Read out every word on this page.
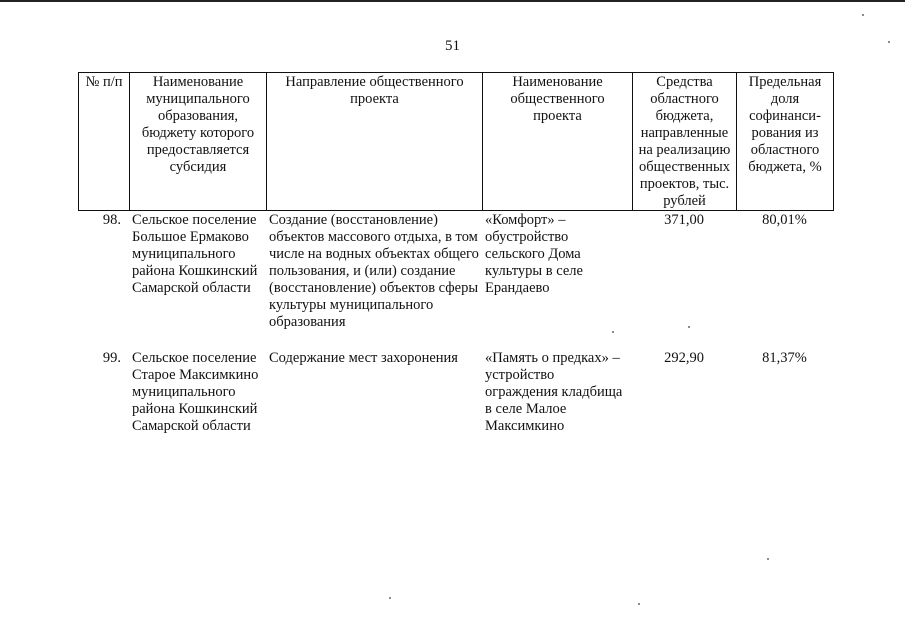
51
№ п/п	Наименование муниципального образования, бюджету которого предоставляется субсидия	Направление общественного проекта	Наименование общественного проекта	Средства областного бюджета, направленные на реализацию общественных проектов, тыс. рублей	Предельная доля софинанси-рования из областного бюджета, %
98.	Сельское поселение Большое Ермаково муниципального района Кошкинский Самарской области	Создание (восстановление) объектов массового отдыха, в том числе на водных объектах общего пользования, и (или) создание (восстановление) объектов сферы культуры муниципального образования	«Комфорт» – обустройство сельского Дома культуры в селе Ерандаево	371,00	80,01%
99.	Сельское поселение Старое Максимкино муниципального района Кошкинский Самарской области	Содержание мест захоронения	«Память о предках» – устройство ограждения кладбища в селе Малое Максимкино	292,90	81,37%
